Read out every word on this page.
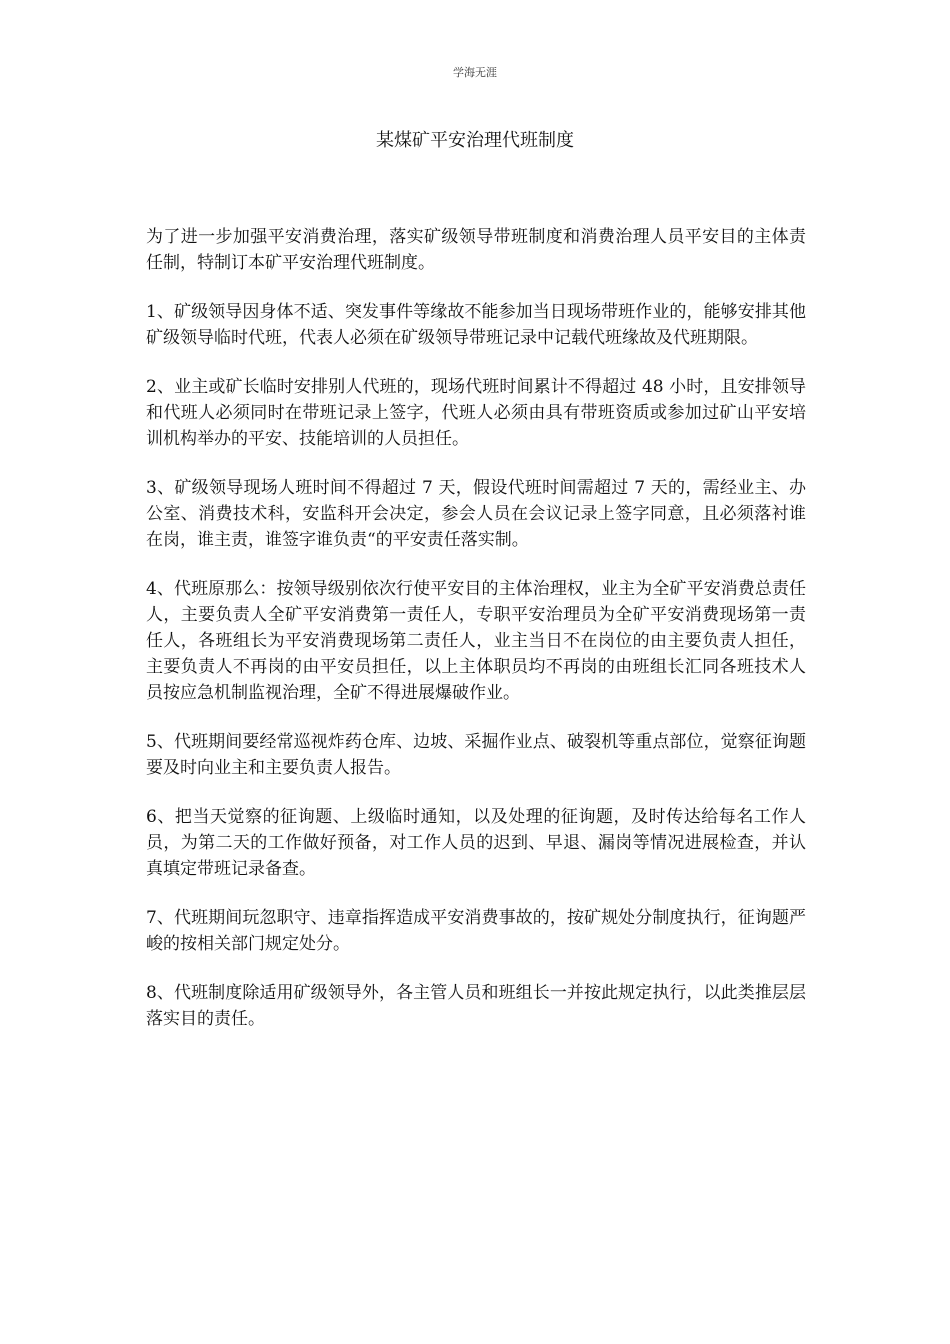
学海无涯
某煤矿平安治理代班制度

为了进一步加强平安消费治理，落实矿级领导带班制度和消费治理人员平安目的主体责任制，特制订本矿平安治理代班制度。

1、矿级领导因身体不适、突发事件等缘故不能参加当日现场带班作业的，能够安排其他矿级领导临时代班，代表人必须在矿级领导带班记录中记载代班缘故及代班期限。

2、业主或矿长临时安排别人代班的，现场代班时间累计不得超过 48 小时，且安排领导和代班人必须同时在带班记录上签字，代班人必须由具有带班资质或参加过矿山平安培训机构举办的平安、技能培训的人员担任。

3、矿级领导现场人班时间不得超过 7 天，假设代班时间需超过 7 天的，需经业主、办公室、消费技术科，安监科开会决定，参会人员在会议记录上签字同意，且必须落衬谁在岗，谁主责，谁签字谁负责“的平安责任落实制。

4、代班原那么：按领导级别依次行使平安目的主体治理权，业主为全矿平安消费总责任人，主要负责人全矿平安消费第一责任人，专职平安治理员为全矿平安消费现场第一责任人，各班组长为平安消费现场第二责任人，业主当日不在岗位的由主要负责人担任，主要负责人不再岗的由平安员担任，以上主体职员均不再岗的由班组长汇同各班技术人员按应急机制监视治理，全矿不得进展爆破作业。

5、代班期间要经常巡视炸药仓库、边坡、采掘作业点、破裂机等重点部位，觉察征询题要及时向业主和主要负责人报告。

6、把当天觉察的征询题、上级临时通知，以及处理的征询题，及时传达给每名工作人员，为第二天的工作做好预备，对工作人员的迟到、早退、漏岗等情况进展检查，并认真填定带班记录备查。

7、代班期间玩忽职守、违章指挥造成平安消费事故的，按矿规处分制度执行，征询题严峻的按相关部门规定处分。

8、代班制度除适用矿级领导外，各主管人员和班组长一并按此规定执行，以此类推层层落实目的责任。
